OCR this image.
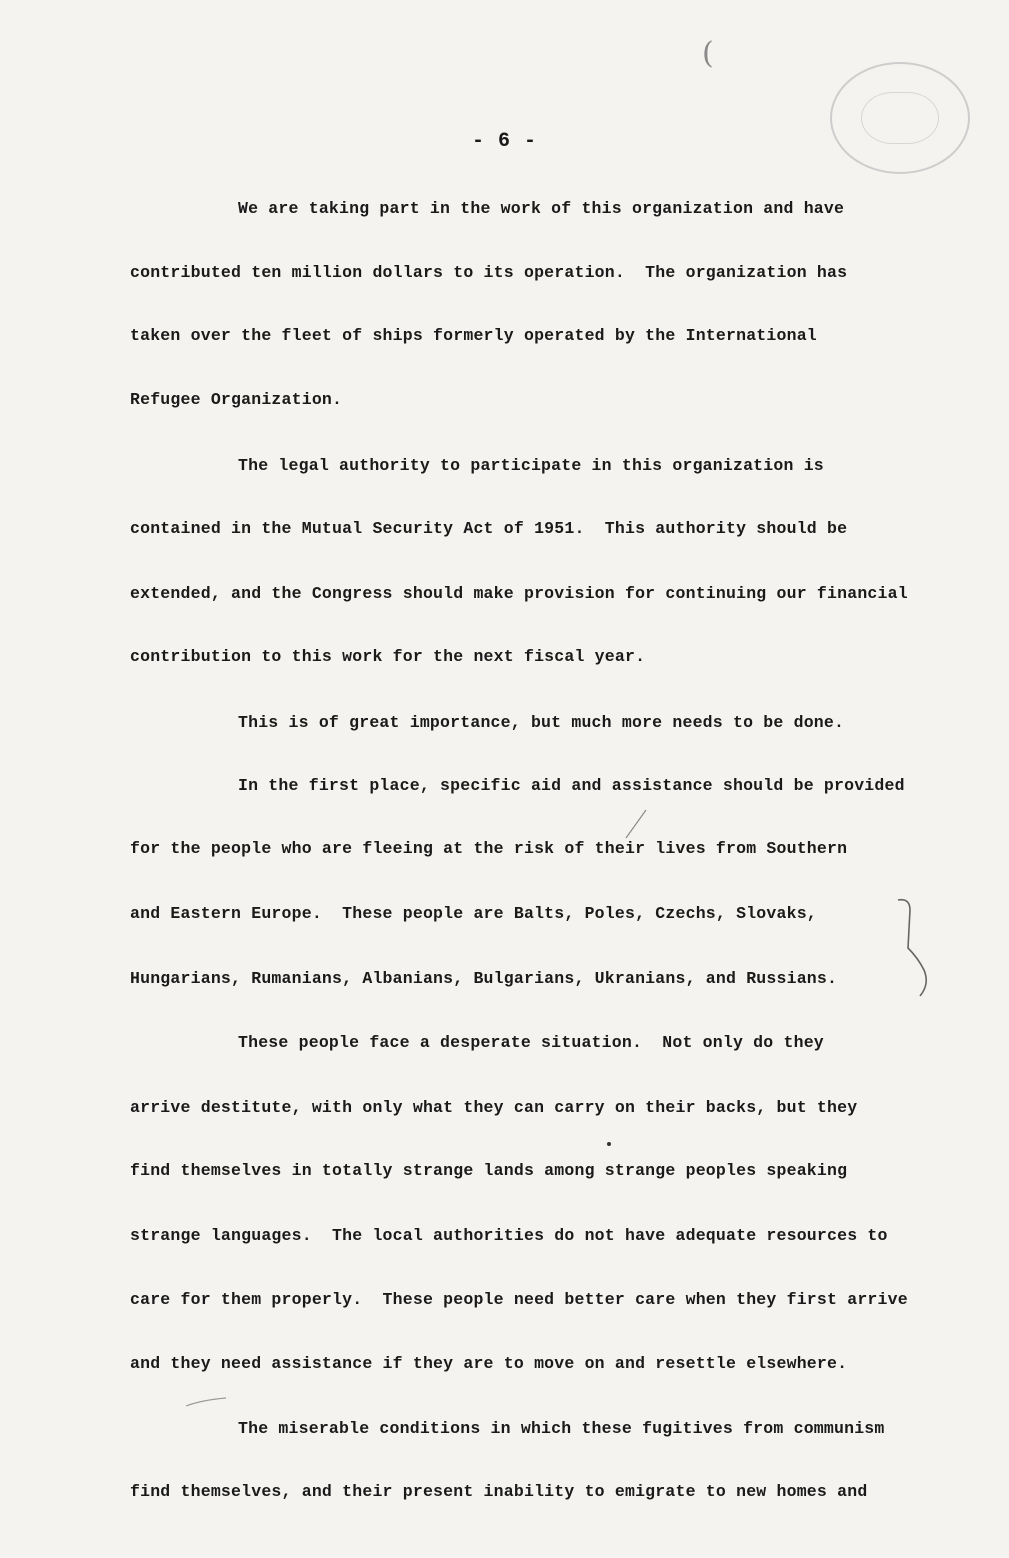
(
- 6 -
We are taking part in the work of this organization and have
contributed ten million dollars to its operation.  The organization has
taken over the fleet of ships formerly operated by the International
Refugee Organization.
The legal authority to participate in this organization is
contained in the Mutual Security Act of 1951.  This authority should be
extended, and the Congress should make provision for continuing our financial
contribution to this work for the next fiscal year.
This is of great importance, but much more needs to be done.
In the first place, specific aid and assistance should be provided
for the people who are fleeing at the risk of their lives from Southern
and Eastern Europe.  These people are Balts, Poles, Czechs, Slovaks,
Hungarians, Rumanians, Albanians, Bulgarians, Ukranians, and Russians.
These people face a desperate situation.  Not only do they
arrive destitute, with only what they can carry on their backs, but they
find themselves in totally strange lands among strange peoples speaking
strange languages.  The local authorities do not have adequate resources to
care for them properly.  These people need better care when they first arrive
and they need assistance if they are to move on and resettle elsewhere.
The miserable conditions in which these fugitives from communism
find themselves, and their present inability to emigrate to new homes and
